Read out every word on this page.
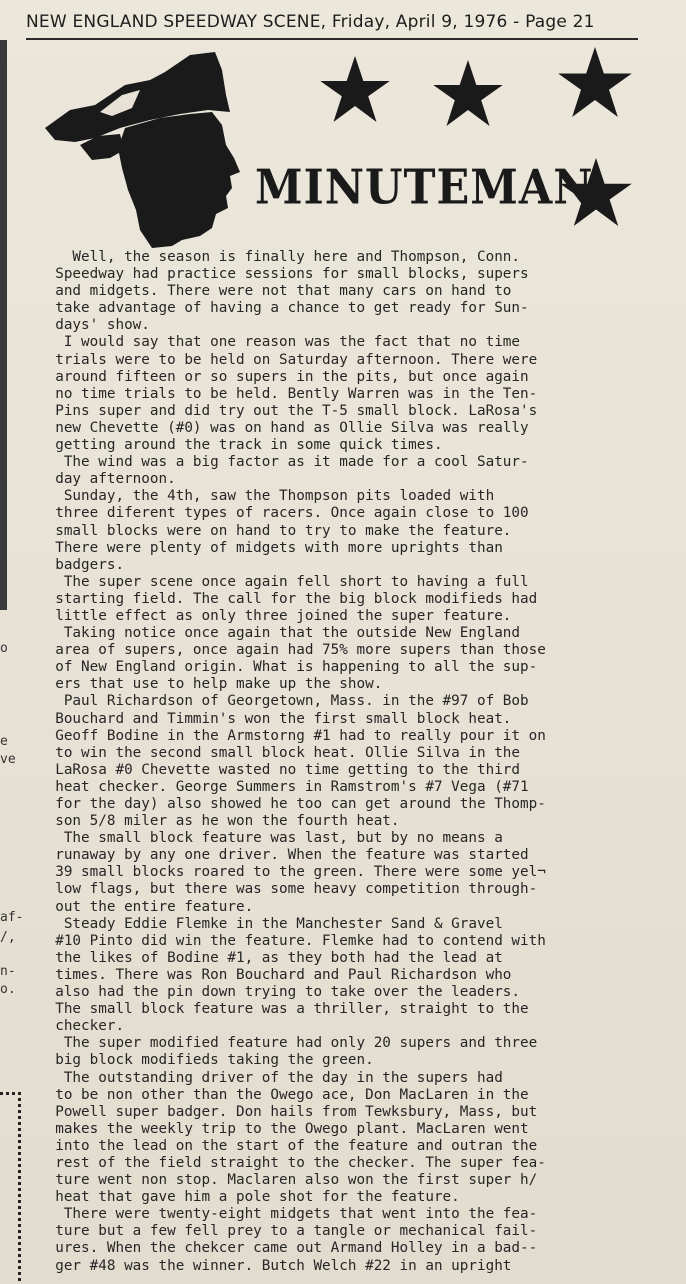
NEW ENGLAND SPEEDWAY SCENE, Friday, April 9, 1976 - Page 21
o
e
ve
af-
/,
n-
o.
MINUTEMAN
Well, the season is finally here and Thompson, Conn.
Speedway had practice sessions for small blocks, supers
and midgets. There were not that many cars on hand to
take advantage of having a chance to get ready for Sun-
days' show.
I would say that one reason was the fact that no time
trials were to be held on Saturday afternoon. There were
around fifteen or so supers in the pits, but once again
no time trials to be held. Bently Warren was in the Ten-
Pins super and did try out the T-5 small block. LaRosa's
new Chevette (#0) was on hand as Ollie Silva was really
getting around the track in some quick times.
The wind was a big factor as it made for a cool Satur-
day afternoon.
Sunday, the 4th, saw the Thompson pits loaded with
three diferent types of racers. Once again close to 100
small blocks were on hand to try to make the feature.
There were plenty of midgets with more uprights than
badgers.
The super scene once again fell short to having a full
starting field. The call for the big block modifieds had
little effect as only three joined the super feature.
Taking notice once again that the outside New England
area of supers, once again had 75% more supers than those
of New England origin. What is happening to all the sup-
ers that use to help make up the show.
Paul Richardson of Georgetown, Mass. in the #97 of Bob
Bouchard and Timmin's won the first small block heat.
Geoff Bodine in the Armstorng #1 had to really pour it on
to win the second small block heat. Ollie Silva in the
LaRosa #0 Chevette wasted no time getting to the third
heat checker. George Summers in Ramstrom's #7 Vega (#71
for the day) also showed he too can get around the Thomp-
son 5/8 miler as he won the fourth heat.
The small block feature was last, but by no means a
runaway by any one driver. When the feature was started
39 small blocks roared to the green. There were some yel¬
low flags, but there was some heavy competition through-
out the entire feature.
Steady Eddie Flemke in the Manchester Sand & Gravel
#10 Pinto did win the feature. Flemke had to contend with
the likes of Bodine #1, as they both had the lead at
times. There was Ron Bouchard and Paul Richardson who
also had the pin down trying to take over the leaders.
The small block feature was a thriller, straight to the
checker.
The super modified feature had only 20 supers and three
big block modifieds taking the green.
The outstanding driver of the day in the supers had
to be non other than the Owego ace, Don MacLaren in the
Powell super badger. Don hails from Tewksbury, Mass, but
makes the weekly trip to the Owego plant. MacLaren went
into the lead on the start of the feature and outran the
rest of the field straight to the checker. The super fea-
ture went non stop. Maclaren also won the first super h/
heat that gave him a pole shot for the feature.
There were twenty-eight midgets that went into the fea-
ture but a few fell prey to a tangle or mechanical fail-
ures. When the chekcer came out Armand Holley in a bad--
ger #48 was the winner. Butch Welch #22 in an upright
